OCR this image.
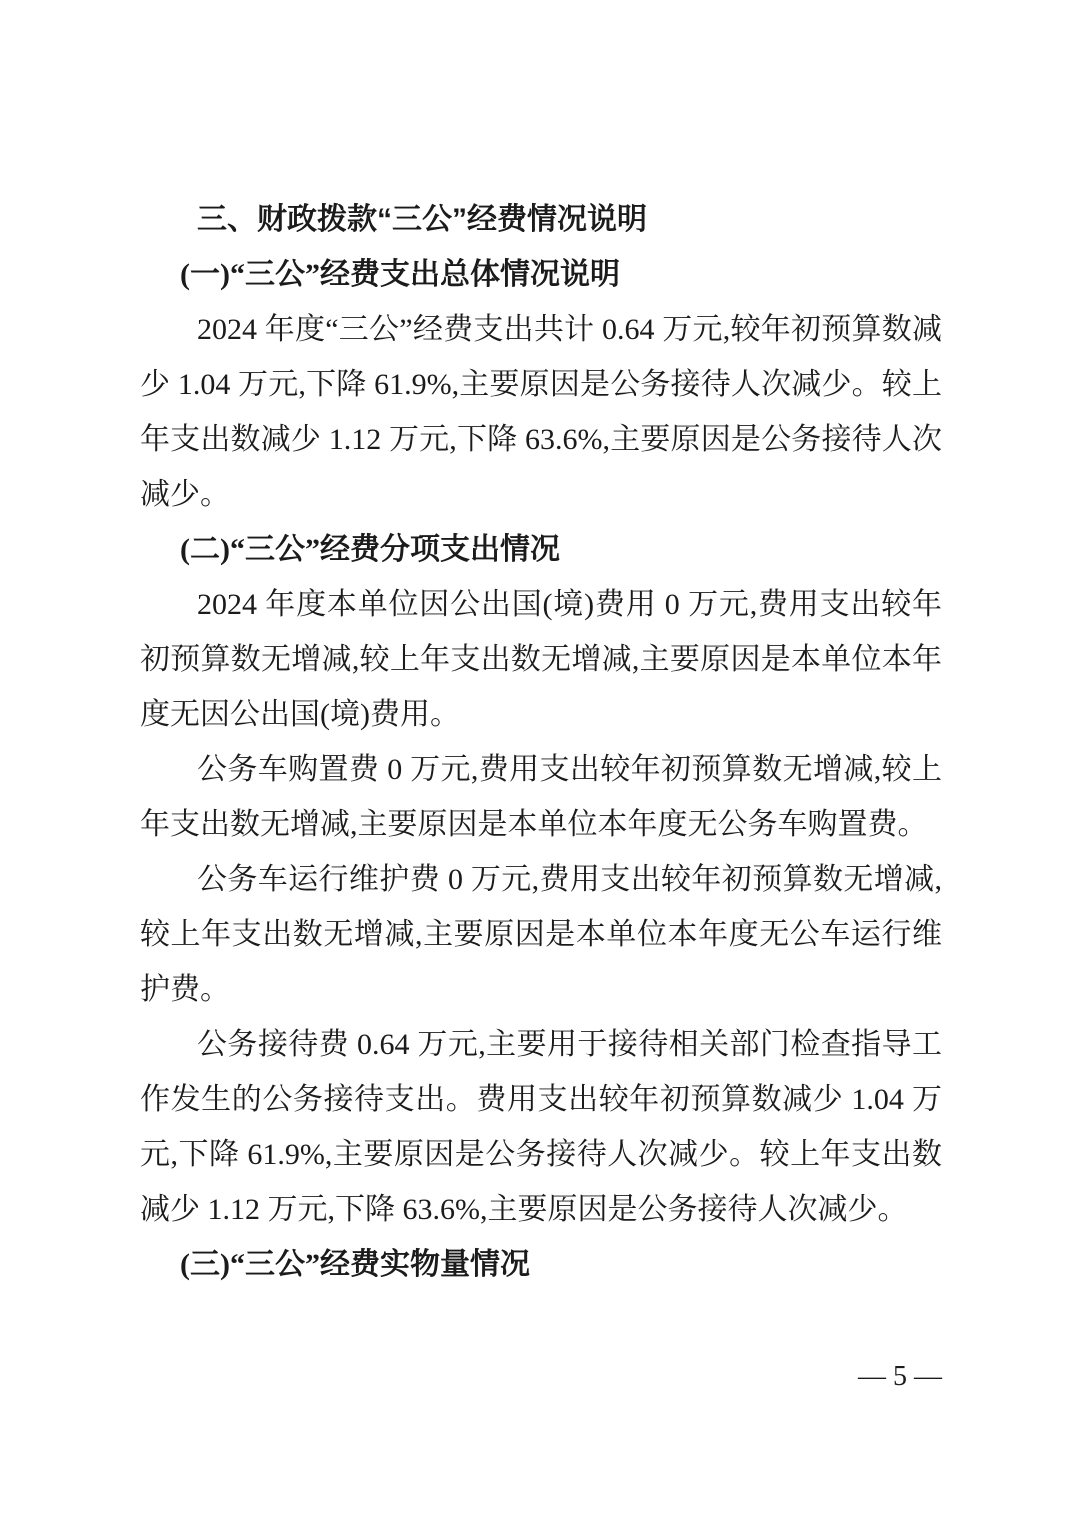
三、财政拨款“三公”经费情况说明
(一)“三公”经费支出总体情况说明

2024 年度“三公”经费支出共计 0.64 万元,较年初预算数减少 1.04 万元,下降 61.9%,主要原因是公务接待人次减少。较上年支出数减少 1.12 万元,下降 63.6%,主要原因是公务接待人次减少。

(二)“三公”经费分项支出情况

2024 年度本单位因公出国(境)费用 0 万元,费用支出较年初预算数无增减,较上年支出数无增减,主要原因是本单位本年度无因公出国(境)费用。

公务车购置费 0 万元,费用支出较年初预算数无增减,较上年支出数无增减,主要原因是本单位本年度无公务车购置费。

公务车运行维护费 0 万元,费用支出较年初预算数无增减,较上年支出数无增减,主要原因是本单位本年度无公车运行维护费。

公务接待费 0.64 万元,主要用于接待相关部门检查指导工作发生的公务接待支出。费用支出较年初预算数减少 1.04 万元,下降 61.9%,主要原因是公务接待人次减少。较上年支出数减少 1.12 万元,下降 63.6%,主要原因是公务接待人次减少。

(三)“三公”经费实物量情况
— 5 —
